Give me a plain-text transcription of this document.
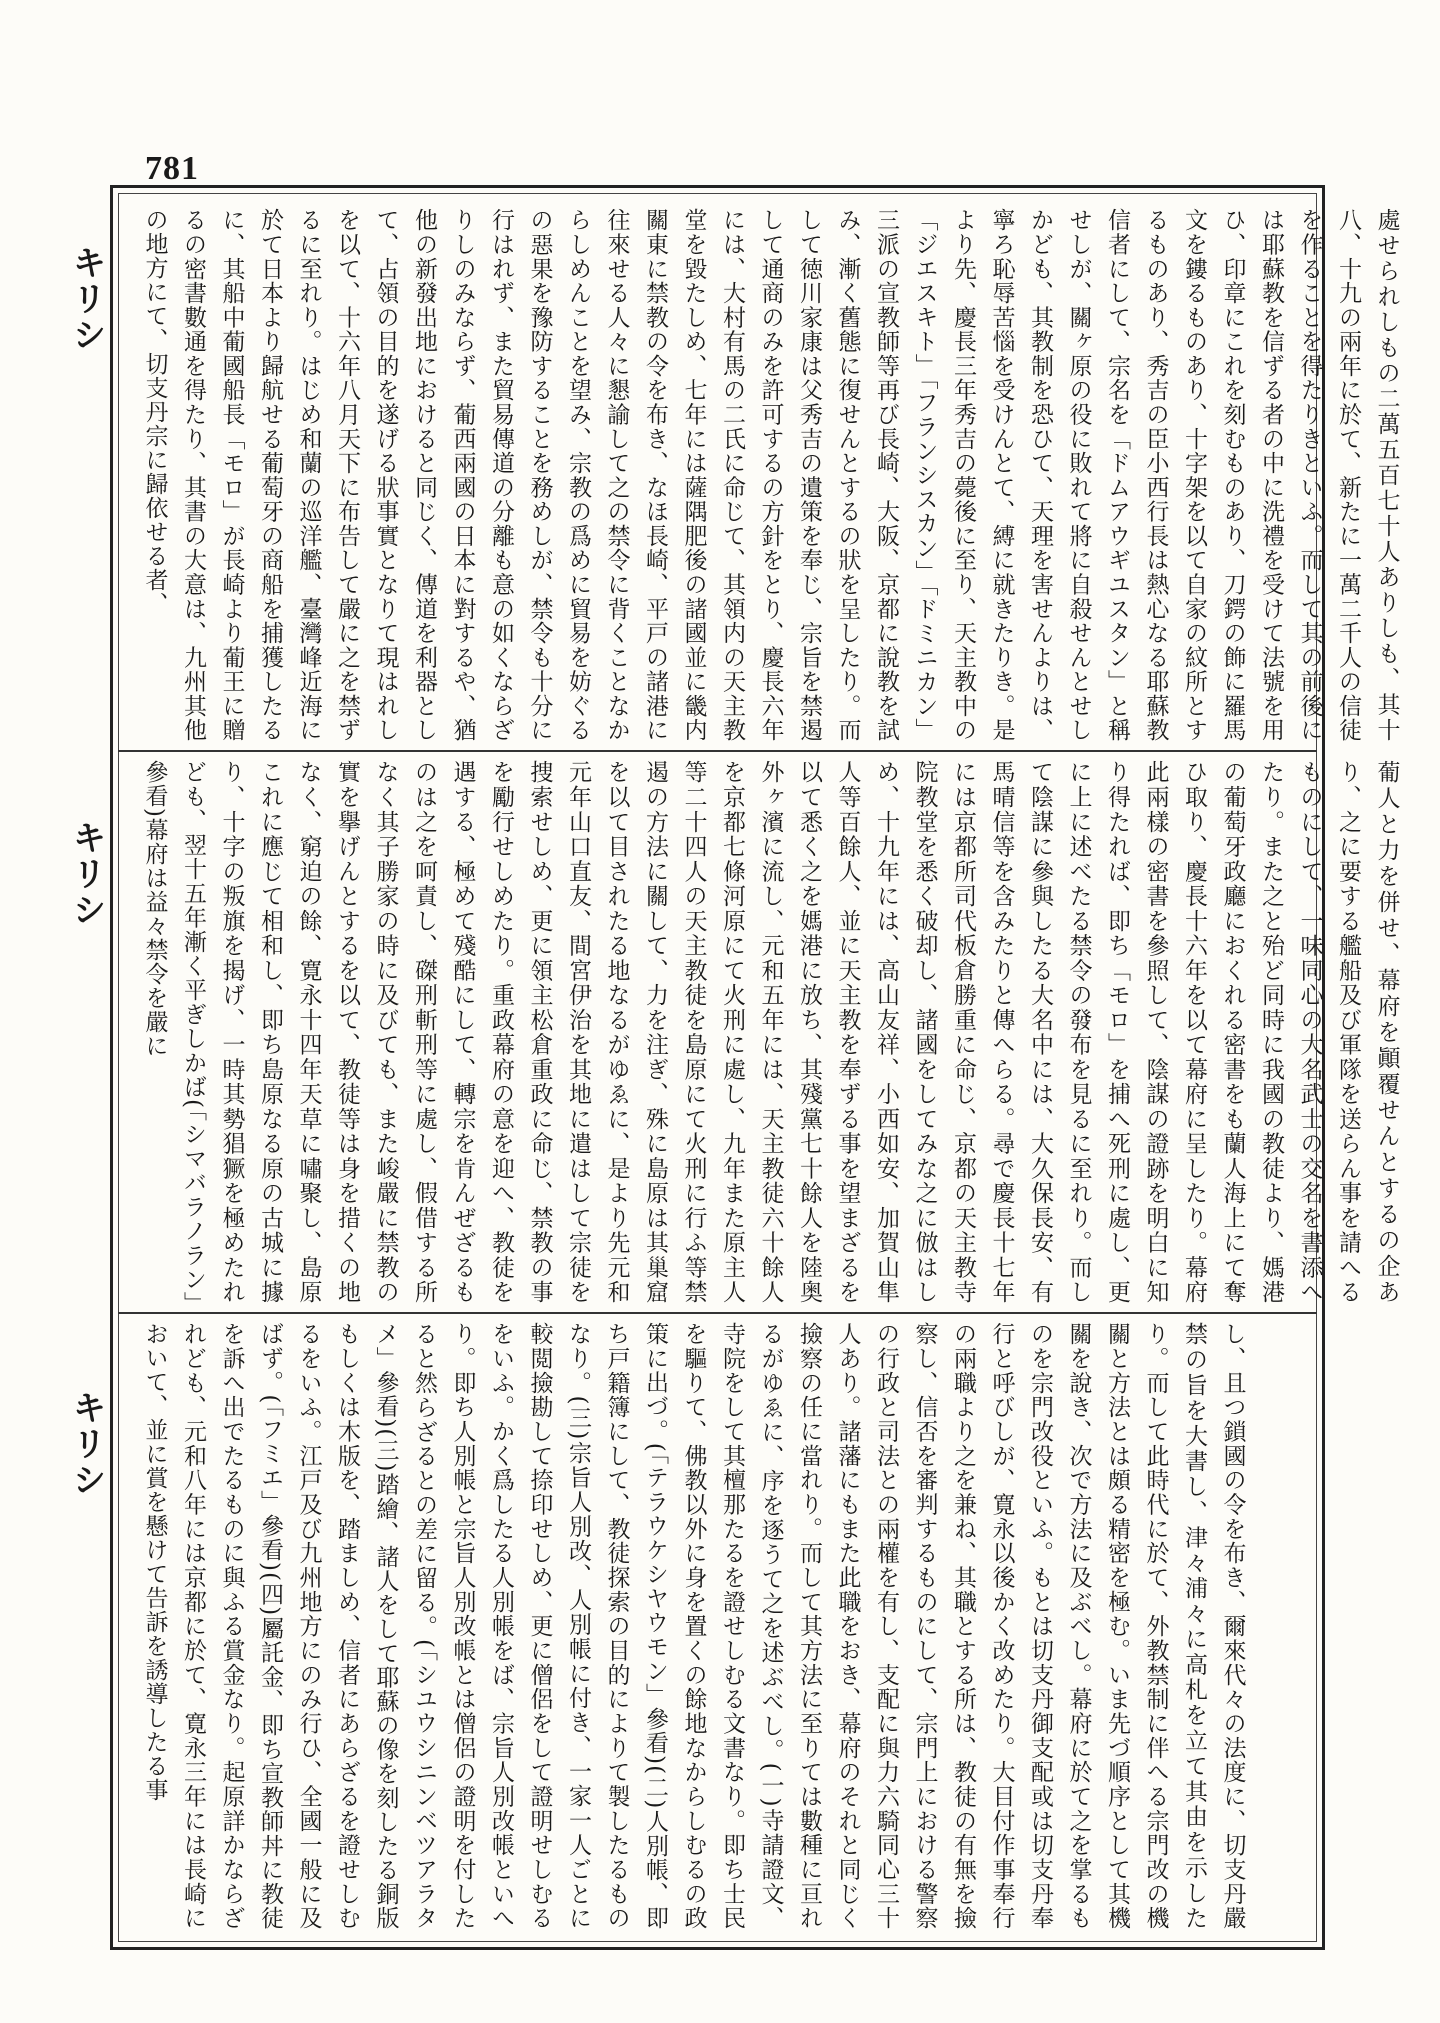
781
キリシ
キリシ
キリシ

處せられしもの二萬五百七十人ありしも、其十八、十九の兩年に於て、新たに一萬二千人の信徒を作ることを得たりきといふ。而して其の前後には耶蘇教を信ずる者の中に洗禮を受けて法號を用ひ、印章にこれを刻むものあり、刀鍔の飾に羅馬文を鏤るものあり、十字架を以て自家の紋所とするものあり、秀吉の臣小西行長は熱心なる耶蘇教信者にして、宗名を「ドムアウギユスタン」と稱せしが、關ヶ原の役に敗れて將に自殺せんとせしかども、其教制を恐ひて、天理を害せんよりは、寧ろ恥辱苦惱を受けんとて、縛に就きたりき。是より先、慶長三年秀吉の薨後に至り、天主教中の「ジエスキト」「フランシスカン」「ドミニカン」三派の宣教師等再び長崎、大阪、京都に說教を試み、漸く舊態に復せんとするの狀を呈したり。而して徳川家康は父秀吉の遺策を奉じ、宗旨を禁遏して通商のみを許可するの方針をとり、慶長六年には、大村有馬の二氏に命じて、其領内の天主教堂を毀たしめ、七年には薩隅肥後の諸國並に畿内關東に禁教の令を布き、なほ長崎、平戸の諸港に往來せる人々に懇諭して之の禁令に背くことなからしめんことを望み、宗教の爲めに貿易を妨ぐるの惡果を豫防することを務めしが、禁令も十分に行はれず、また貿易傳道の分離も意の如くならざりしのみならず、葡西兩國の日本に對するや、猶他の新發出地におけると同じく、傳道を利器として、占領の目的を遂げる狀事實となりて現はれしを以て、十六年八月天下に布告して嚴に之を禁ずるに至れり。はじめ和蘭の巡洋艦、臺灣峰近海に於て日本より歸航せる葡萄牙の商船を捕獲したるに、其船中葡國船長「モロ」が長崎より葡王に贈るの密書數通を得たり、其書の大意は、九州其他の地方にて、切支丹宗に歸依せる者、

葡人と力を併せ、幕府を顚覆せんとするの企あり、之に要する艦船及び軍隊を送らん事を請へるものにして、一味同心の大名武士の交名を書添へたり。また之と殆ど同時に我國の教徒より、媽港の葡萄牙政廳におくれる密書をも蘭人海上にて奪ひ取り、慶長十六年を以て幕府に呈したり。幕府此兩樣の密書を參照して、陰謀の證跡を明白に知り得たれば、即ち「モロ」を捕へ死刑に處し、更に上に述べたる禁令の發布を見るに至れり。而して陰謀に參與したる大名中には、大久保長安、有馬晴信等を含みたりと傳へらる。尋で慶長十七年には京都所司代板倉勝重に命じ、京都の天主教寺院教堂を悉く破却し、諸國をしてみな之に倣はしめ、十九年には、高山友祥、小西如安、加賀山隼人等百餘人、並に天主教を奉ずる事を望まざるを以て悉く之を媽港に放ち、其殘黨七十餘人を陸奥外ヶ濱に流し、元和五年には、天主教徒六十餘人を京都七條河原にて火刑に處し、九年また原主人等二十四人の天主教徒を島原にて火刑に行ふ等禁遏の方法に關して、力を注ぎ、殊に島原は其巢窟を以て目されたる地なるがゆゑに、是より先元和元年山口直友、間宮伊治を其地に遣はして宗徒を捜索せしめ、更に領主松倉重政に命じ、禁教の事を勵行せしめたり。重政幕府の意を迎へ、教徒を遇する、極めて殘酷にして、轉宗を肯んぜざるものは之を呵責し、磔刑斬刑等に處し、假借する所なく其子勝家の時に及びても、また峻嚴に禁教の實を擧げんとするを以て、教徒等は身を措くの地なく、窮迫の餘、寛永十四年天草に嘯聚し、島原これに應じて相和し、即ち島原なる原の古城に據り、十字の叛旗を揭げ、一時其勢猖獗を極めたれども、翌十五年漸く平ぎしかば(「シマバラノラン」參看)幕府は益々禁令を嚴に

し、且つ鎖國の令を布き、爾來代々の法度に、切支丹嚴禁の旨を大書し、津々浦々に高札を立て其由を示したり。而して此時代に於て、外教禁制に伴へる宗門改の機關と方法とは頗る精密を極む。いま先づ順序として其機關を說き、次で方法に及ぶべし。幕府に於て之を掌るものを宗門改役といふ。もとは切支丹御支配或は切支丹奉行と呼びしが、寛永以後かく改めたり。大目付作事奉行の兩職より之を兼ね、其職とする所は、教徒の有無を撿察し、信否を審判するものにして、宗門上における警察の行政と司法との兩權を有し、支配に與力六騎同心三十人あり。諸藩にもまた此職をおき、幕府のそれと同じく撿察の任に當れり。而して其方法に至りては數種に亘れるがゆゑに、序を逐うて之を述ぶべし。(一)寺請證文、寺院をして其檀那たるを證せしむる文書なり。即ち士民を驅りて、佛教以外に身を置くの餘地なからしむるの政策に出づ。(「テラウケシヤウモン」參看)(二)人別帳、即ち戸籍簿にして、教徒探索の目的によりて製したるものなり。(三)宗旨人別改、人別帳に付き、一家一人ごとに較閲撿勘して捺印せしめ、更に僧侶をして證明せしむるをいふ。かく爲したる人別帳をば、宗旨人別改帳といへり。即ち人別帳と宗旨人別改帳とは僧侶の證明を付したると然らざるとの差に留る。(「シユウシニンベツアラタメ」參看)(三)踏繪、諸人をして耶蘇の像を刻したる銅版もしくは木版を、踏ましめ、信者にあらざるを證せしむるをいふ。江戸及び九州地方にのみ行ひ、全國一般に及ばず。(「フミエ」參看)(四)屬託金、即ち宣教師丼に教徒を訴へ出でたるものに與ふる賞金なり。起原詳かならざれども、元和八年には京都に於て、寛永三年には長崎において、並に賞を懸けて告訴を誘導したる事
